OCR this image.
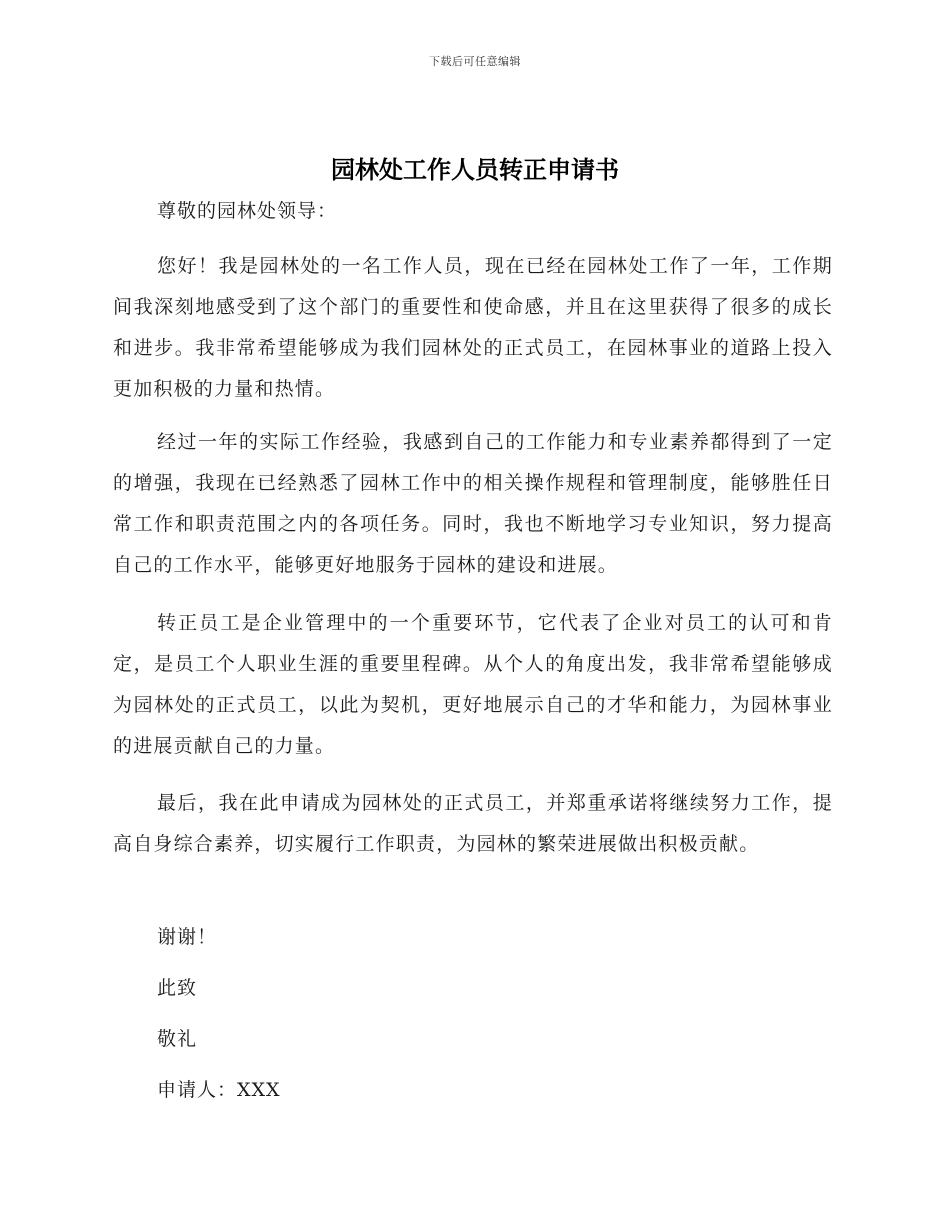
下载后可任意编辑
园林处工作人员转正申请书
尊敬的园林处领导：

您好！我是园林处的一名工作人员，现在已经在园林处工作了一年，工作期间我深刻地感受到了这个部门的重要性和使命感，并且在这里获得了很多的成长和进步。我非常希望能够成为我们园林处的正式员工，在园林事业的道路上投入更加积极的力量和热情。

经过一年的实际工作经验，我感到自己的工作能力和专业素养都得到了一定的增强，我现在已经熟悉了园林工作中的相关操作规程和管理制度，能够胜任日常工作和职责范围之内的各项任务。同时，我也不断地学习专业知识，努力提高自己的工作水平，能够更好地服务于园林的建设和进展。

转正员工是企业管理中的一个重要环节，它代表了企业对员工的认可和肯定，是员工个人职业生涯的重要里程碑。从个人的角度出发，我非常希望能够成为园林处的正式员工，以此为契机，更好地展示自己的才华和能力，为园林事业的进展贡献自己的力量。

最后，我在此申请成为园林处的正式员工，并郑重承诺将继续努力工作，提高自身综合素养，切实履行工作职责，为园林的繁荣进展做出积极贡献。

谢谢！
此致
敬礼
申请人：XXX
